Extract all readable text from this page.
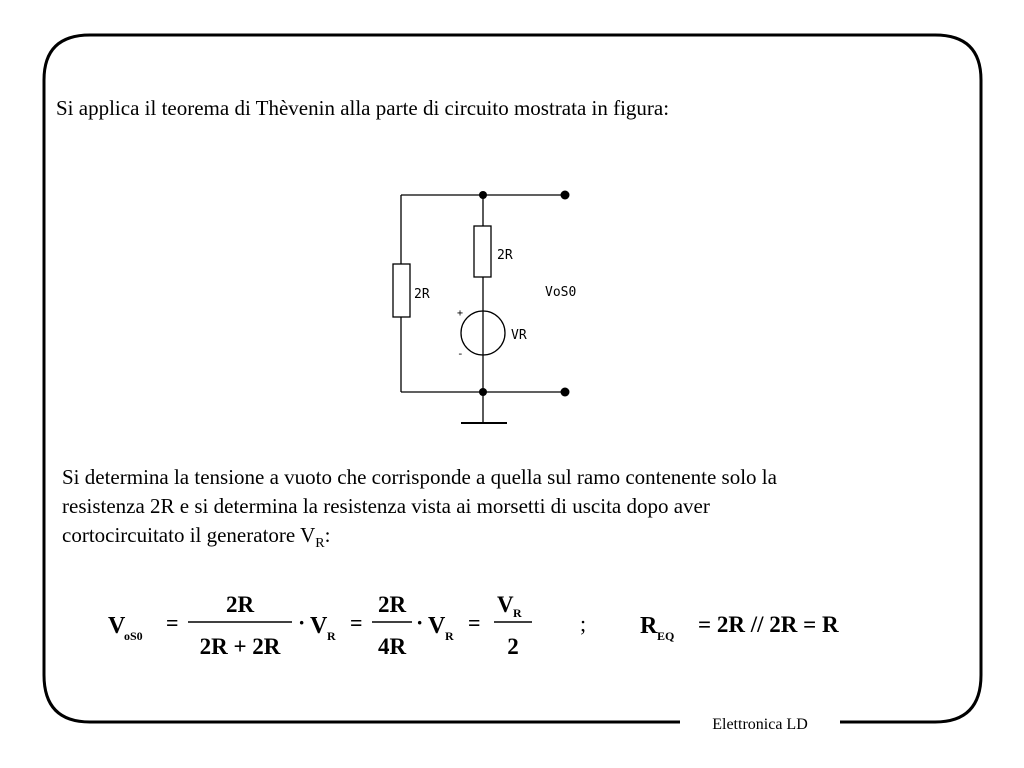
Si applica il teorema di Thèvenin alla parte di circuito mostrata in figura:
2R
2R
VR
VoS0
+
-
Si determina la tensione a vuoto che corrisponde a quella sul ramo contenente solo la
resistenza 2R e si determina la resistenza vista ai morsetti di uscita dopo aver
cortocircuitato il generatore $V_R$:
V
oS0
=
2R
2R + 2R
· V R
=
2R
4R
· V R
=
V R
2
; R EQ = 2R // 2R = R
Elettronica LD
